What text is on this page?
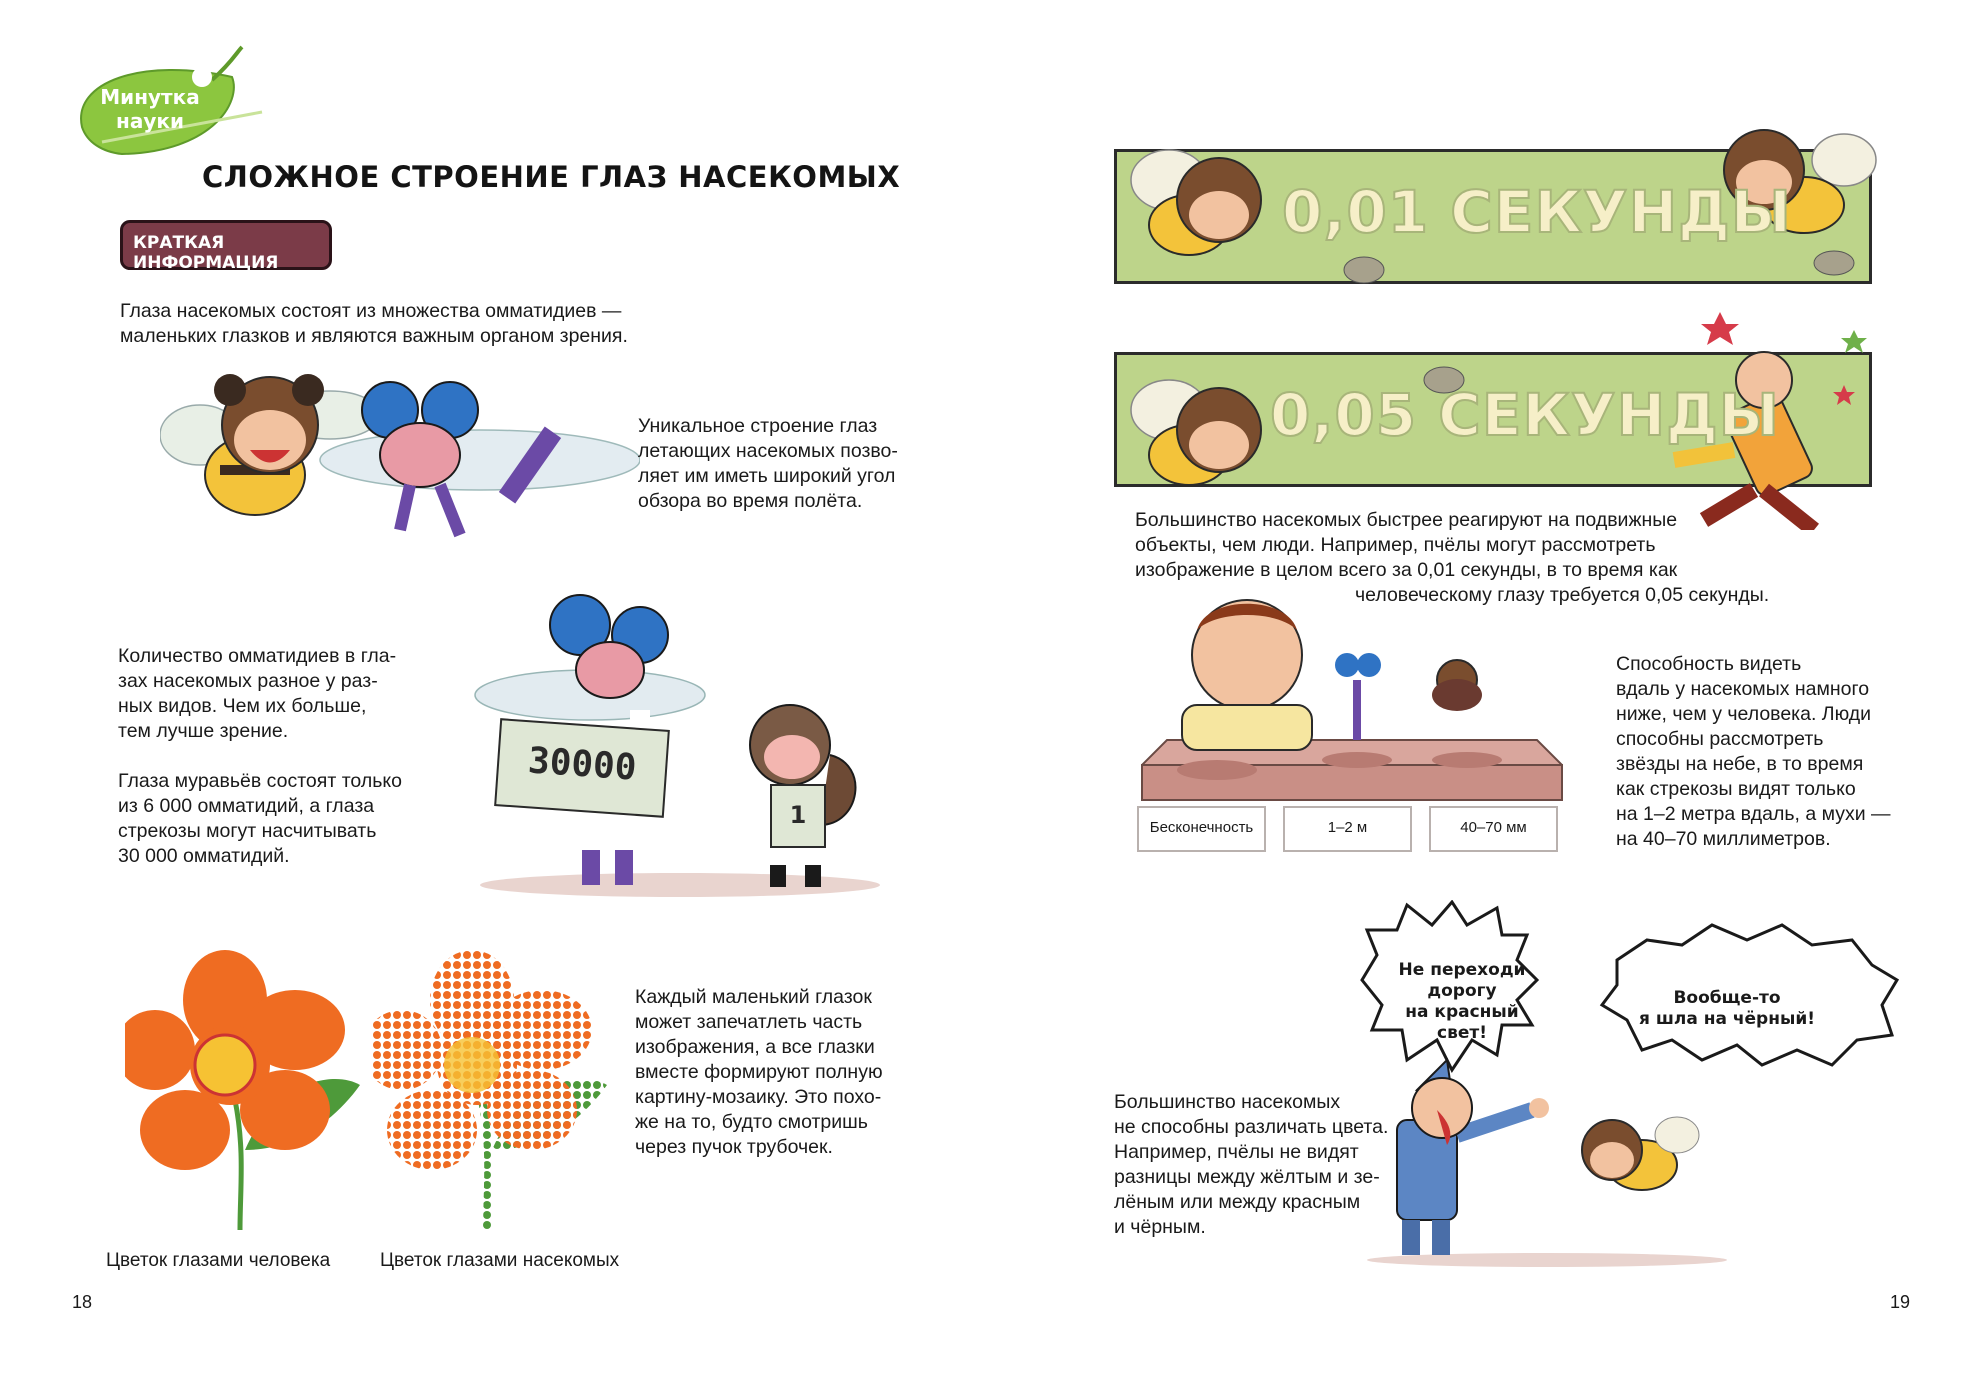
Минутка
науки
СЛОЖНОЕ СТРОЕНИЕ ГЛАЗ НАСЕКОМЫХ
КРАТКАЯ ИНФОРМАЦИЯ
Глаза насекомых состоят из множества омматидиев —
маленьких глазков и являются важным органом зрения.
Уникальное строение глаз
летающих насекомых позво-
ляет им иметь широкий угол
обзора во время полёта.
Количество омматидиев в гла-
зах насекомых разное у раз-
ных видов. Чем их больше,
тем лучше зрение.
Глаза муравьёв состоят только
из 6 000 омматидий, а глаза
стрекозы могут насчитывать
30 000 омматидий.
30000
1
Каждый маленький глазок
может запечатлеть часть
изображения, а все глазки
вместе формируют полную
картину-мозаику. Это похо-
же на то, будто смотришь
через пучок трубочек.
Цветок глазами человека	Цветок глазами насекомых
18
0,01 СЕКУНДЫ
0,05 СЕКУНДЫ
Большинство насекомых быстрее реагируют на подвижные
объекты, чем люди. Например, пчёлы могут рассмотреть
изображение в целом всего за 0,01 секунды, в то время как
человеческому глазу требуется 0,05 секунды.
Бесконечность	1–2 м	40–70 мм
Способность видеть
вдаль у насекомых намного
ниже, чем у человека. Люди
способны рассмотреть
звёзды на небе, в то время
как стрекозы видят только
на 1–2 метра вдаль, а мухи —
на 40–70 миллиметров.
Не переходи
дорогу
на красный
свет!
Вообще-то
я шла на чёрный!
Большинство насекомых
не способны различать цвета.
Например, пчёлы не видят
разницы между жёлтым и зе-
лёным или между красным
и чёрным.
19
